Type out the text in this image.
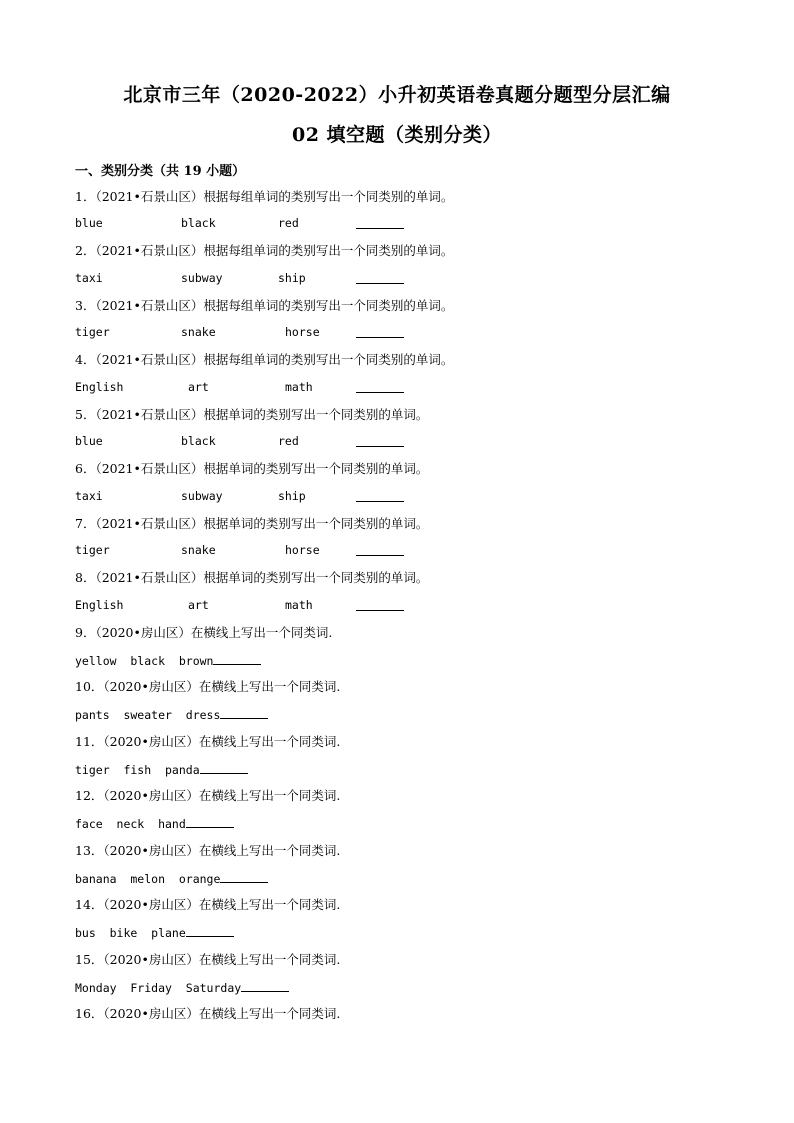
北京市三年（2020-2022）小升初英语卷真题分题型分层汇编
02 填空题（类别分类）
一、类别分类（共 19 小题）
1．（2021•石景山区）根据每组单词的类别写出一个同类别的单词。
blue	black	red
2．（2021•石景山区）根据每组单词的类别写出一个同类别的单词。
taxi	subway	ship
3．（2021•石景山区）根据每组单词的类别写出一个同类别的单词。
tiger	snake	horse
4．（2021•石景山区）根据每组单词的类别写出一个同类别的单词。
English	art	math
5．（2021•石景山区）根据单词的类别写出一个同类别的单词。
blue	black	red
6．（2021•石景山区）根据单词的类别写出一个同类别的单词。
taxi	subway	ship
7．（2021•石景山区）根据单词的类别写出一个同类别的单词。
tiger	snake	horse
8．（2021•石景山区）根据单词的类别写出一个同类别的单词。
English	art	math
9．（2020•房山区）在横线上写出一个同类词.
yellow  black  brown
10．（2020•房山区）在横线上写出一个同类词.
pants  sweater  dress
11．（2020•房山区）在横线上写出一个同类词.
tiger  fish  panda
12．（2020•房山区）在横线上写出一个同类词.
face  neck  hand
13．（2020•房山区）在横线上写出一个同类词.
banana  melon  orange
14．（2020•房山区）在横线上写出一个同类词.
bus  bike  plane
15．（2020•房山区）在横线上写出一个同类词.
Monday  Friday  Saturday
16．（2020•房山区）在横线上写出一个同类词.
